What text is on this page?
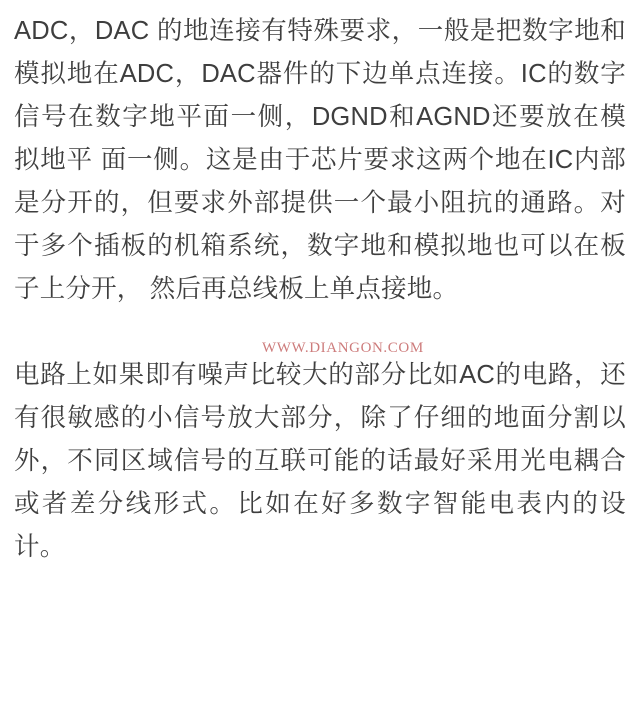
ADC，DAC 的地连接有特殊要求，一般是把数字地和模拟地在ADC，DAC器件的下边单点连接。IC的数字信号在数字地平面一侧，DGND和AGND还要放在模拟地平 面一侧。这是由于芯片要求这两个地在IC内部是分开的，但要求外部提供一个最小阻抗的通路。对于多个插板的机箱系统，数字地和模拟地也可以在板子上分开， 然后再总线板上单点接地。

电路上如果即有噪声比较大的部分比如AC的电路，还有很敏感的小信号放大部分，除了仔细的地面分割以外，不同区域信号的互联可能的话最好采用光电耦合或者差分线形式。比如在好多数字智能电表内的设计。

WWW.DIANGON.COM
